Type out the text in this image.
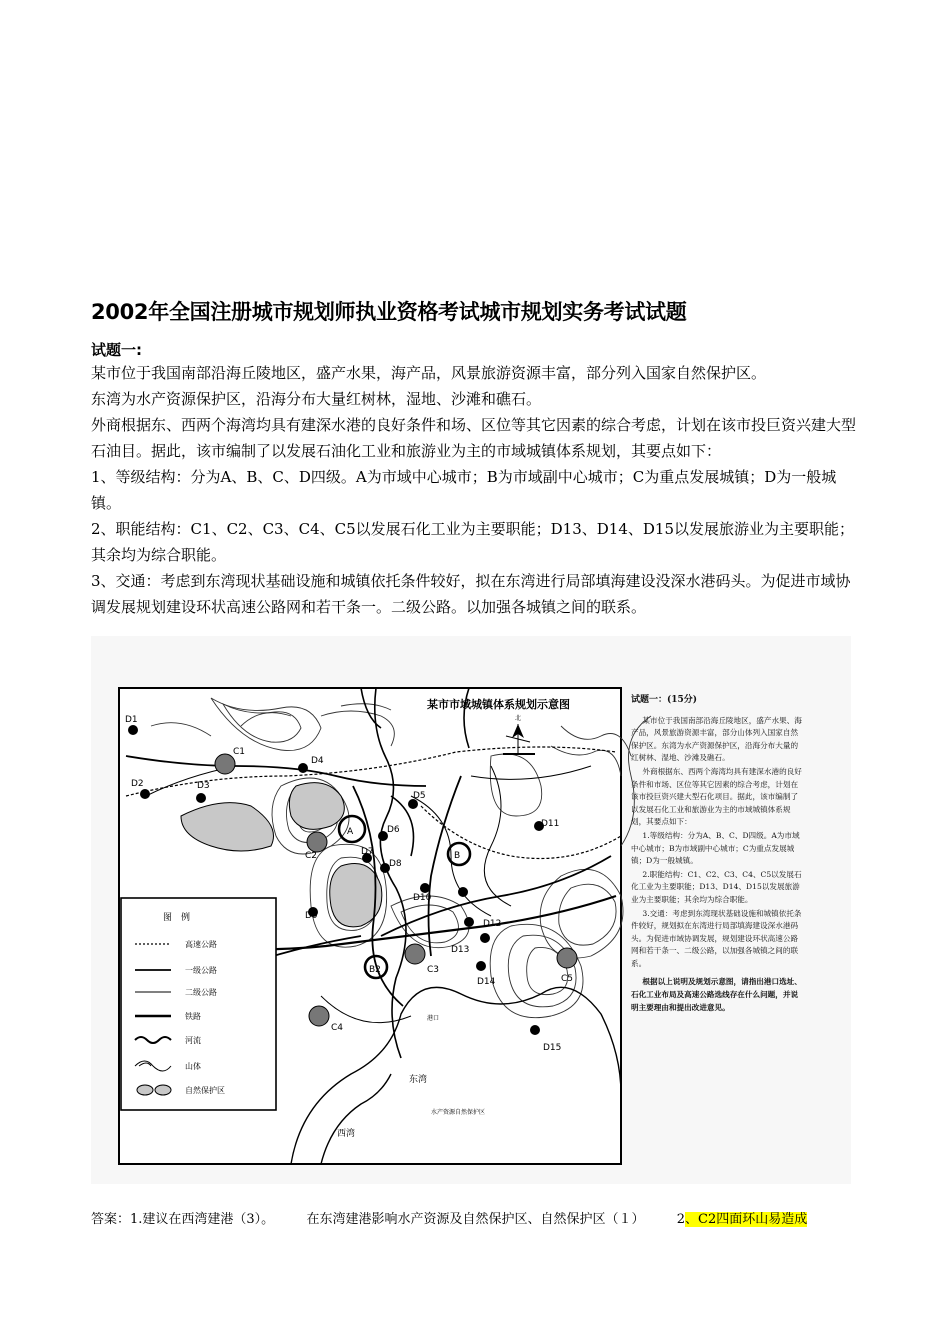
2002年全国注册城市规划师执业资格考试城市规划实务考试试题
试题一:

某市位于我国南部沿海丘陵地区，盛产水果，海产品，风景旅游资源丰富，部分列入国家自然保护区。

东湾为水产资源保护区，沿海分布大量红树林，湿地、沙滩和礁石。

外商根据东、西两个海湾均具有建深水港的良好条件和场、区位等其它因素的综合考虑，计划在该市投巨资兴建大型石油目。据此，该市编制了以发展石油化工业和旅游业为主的市域城镇体系规划，其要点如下：

1、等级结构：分为A、B、C、D四级。A为市域中心城市；B为市域副中心城市；C为重点发展城镇；D为一般城镇。

2、职能结构：C1、C2、C3、C4、C5以发展石化工业为主要职能；D13、D14、D15以发展旅游业为主要职能；其余均为综合职能。

3、交通：考虑到东湾现状基础设施和城镇依托条件较好，拟在东湾进行局部填海建设没深水港码头。为促进市域协调发展规划建设环状高速公路网和若干条一。二级公路。以加强各城镇之间的联系。

某市市域城镇体系规划示意图
东湾
西湾
水产资源自然保护区
港口
北
图　例
高速公路
一级公路
二级公路
铁路
河流
山体
自然保护区
D1
C1
D4
D2	D3
A
D5
D6
D7
D8
B
D10
D11
D12
D13
C2
C3
D9
B2
C4
D14	C5
D15
试题一：(15分)

某市位于我国南部沿海丘陵地区，盛产水果、海产品，风景旅游资源丰富，部分山体列入国家自然保护区。东湾为水产资源保护区，沿海分布大量的红树林、湿地、沙滩及礁石。

外商根据东、西两个海湾均具有建深水港的良好条件和市场、区位等其它因素的综合考虑，计划在该市投巨资兴建大型石化项目。据此，该市编制了以发展石化工业和旅游业为主的市域城镇体系规划，其要点如下：

1.等级结构：分为A、B、C、D四级。A为市域中心城市；B为市域副中心城市；C为重点发展城镇；D为一般城镇。

2.职能结构：C1、C2、C3、C4、C5以发展石化工业为主要职能；D13、D14、D15以发展旅游业为主要职能；其余均为综合职能。

3.交通：考虑到东湾现状基础设施和城镇依托条件较好，规划拟在东湾进行局部填海建设深水港码头。为促进市域协调发展，规划建设环状高速公路网和若干条一、二级公路，以加强各城镇之间的联系。

根据以上说明及规划示意图，请指出港口选址、石化工业布局及高速公路选线存在什么问题，并说明主要理由和提出改进意见。

答案：1.建议在西湾建港（3）。 在东湾建港影响水产资源及自然保护区、自然保护区（１） 2、C2四面环山易造成
